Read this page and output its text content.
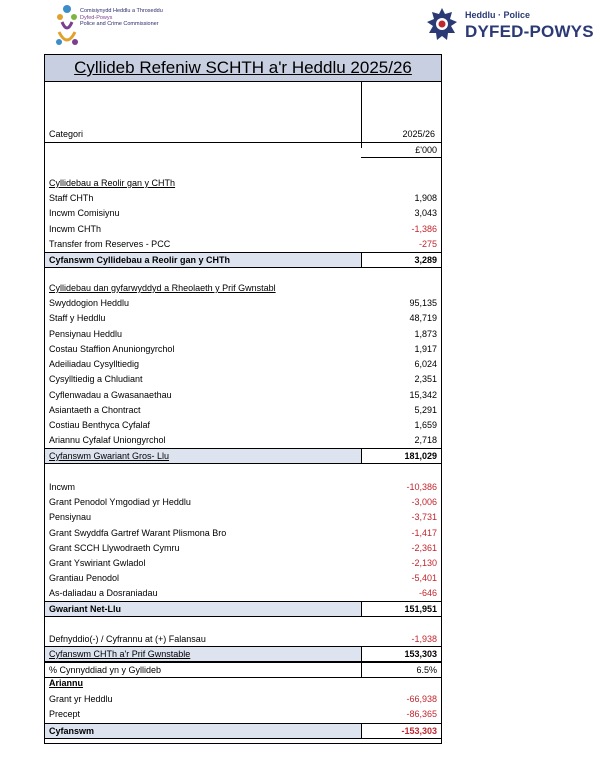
Comisiynydd Heddlu a Throseddu
Dyfed-Powys
Police and Crime Commissioner
Heddlu · Police
DYFED-POWYS
Cyllideb Refeniw SCHTH a'r Heddlu 2025/26
Categori	2025/26
£'000
Cyllidebau a Reolir gan y CHTh
Staff CHTh	1,908
Incwm Comisiynu	3,043
Incwm CHTh	-1,386
Transfer from Reserves - PCC	-275
Cyfanswm Cyllidebau a Reolir gan y CHTh	3,289
Cyllidebau dan gyfarwyddyd a Rheolaeth y Prif Gwnstabl
Swyddogion Heddlu	95,135
Staff y Heddlu	48,719
Pensiynau Heddlu	1,873
Costau Staffion Anuniongyrchol	1,917
Adeiliadau Cysylltiedig	6,024
Cysylltiedig a Chludiant	2,351
Cyflenwadau a Gwasanaethau	15,342
Asiantaeth a Chontract	5,291
Costiau Benthyca Cyfalaf	1,659
Ariannu Cyfalaf Uniongyrchol	2,718
Cyfanswm Gwariant Gros- Llu	181,029
Incwm	-10,386
Grant Penodol Ymgodiad yr Heddlu	-3,006
Pensiynau	-3,731
Grant Swyddfa Gartref Warant Plismona Bro	-1,417
Grant SCCH Llywodraeth Cymru	-2,361
Grant Yswiriant Gwladol	-2,130
Grantiau Penodol	-5,401
As-daliadau a Dosraniadau	-646
Gwariant Net-Llu	151,951
Defnyddio(-) / Cyfrannu at (+) Falansau	-1,938
Cyfanswm CHTh a'r Prif Gwnstable	153,303
% Cynnyddiad yn y Gyllideb	6.5%
Ariannu
Grant yr Heddlu	-66,938
Precept	-86,365
Cyfanswm	-153,303
